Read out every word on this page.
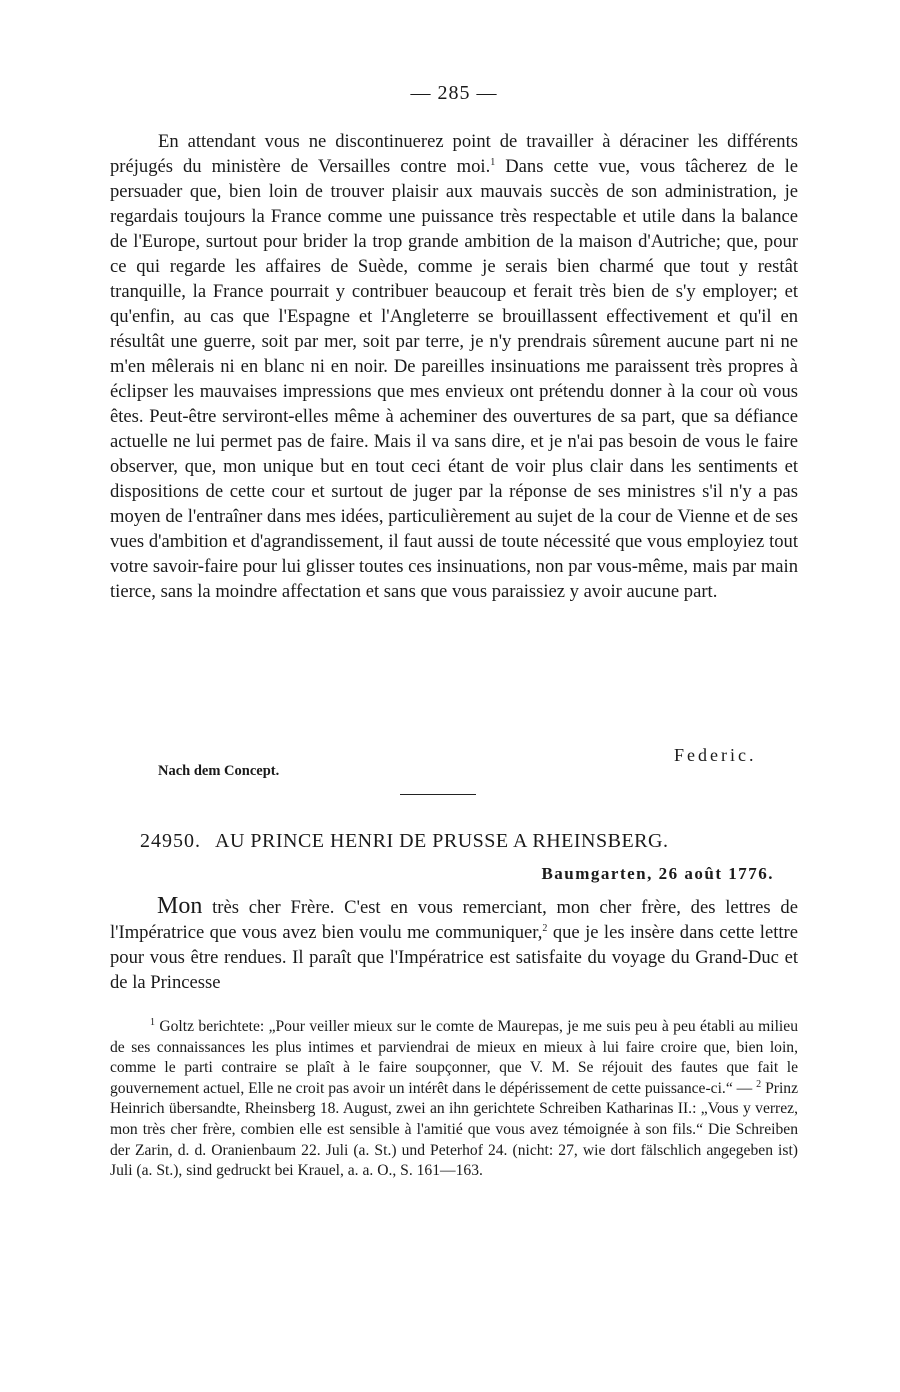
— 285 —

En attendant vous ne discontinuerez point de travailler à déraciner les différents préjugés du ministère de Versailles contre moi.$^1$ Dans cette vue, vous tâcherez de le persuader que, bien loin de trouver plaisir aux mauvais succès de son administration, je regardais toujours la France comme une puissance très respectable et utile dans la balance de l'Europe, surtout pour brider la trop grande ambition de la maison d'Autriche; que, pour ce qui regarde les affaires de Suède, comme je serais bien charmé que tout y restât tranquille, la France pourrait y contribuer beaucoup et ferait très bien de s'y employer; et qu'enfin, au cas que l'Espagne et l'Angleterre se brouillassent effectivement et qu'il en résultât une guerre, soit par mer, soit par terre, je n'y prendrais sûrement aucune part ni ne m'en mêlerais ni en blanc ni en noir. De pareilles insinuations me paraissent très propres à éclipser les mauvaises impressions que mes envieux ont prétendu donner à la cour où vous êtes. Peut-être serviront-elles même à acheminer des ouvertures de sa part, que sa défiance actuelle ne lui permet pas de faire. Mais il va sans dire, et je n'ai pas besoin de vous le faire observer, que, mon unique but en tout ceci étant de voir plus clair dans les sentiments et dispositions de cette cour et surtout de juger par la réponse de ses ministres s'il n'y a pas moyen de l'entraîner dans mes idées, particulièrement au sujet de la cour de Vienne et de ses vues d'ambition et d'agrandissement, il faut aussi de toute nécessité que vous employiez tout votre savoir-faire pour lui glisser toutes ces insinuations, non par vous-même, mais par main tierce, sans la moindre affectation et sans que vous paraissiez y avoir aucune part.

Federic.
Nach dem Concept.
24950. AU PRINCE HENRI DE PRUSSE A RHEINSBERG.
Baumgarten, 26 août 1776.

Mon très cher Frère. C'est en vous remerciant, mon cher frère, des lettres de l'Impératrice que vous avez bien voulu me communiquer,$^2$ que je les insère dans cette lettre pour vous être rendues. Il paraît que l'Impératrice est satisfaite du voyage du Grand-Duc et de la Princesse

$^1$ Goltz berichtete: „Pour veiller mieux sur le comte de Maurepas, je me suis peu à peu établi au milieu de ses connaissances les plus intimes et parviendrai de mieux en mieux à lui faire croire que, bien loin, comme le parti contraire se plaît à le faire soupçonner, que V. M. Se réjouit des fautes que fait le gouvernement actuel, Elle ne croit pas avoir un intérêt dans le dépérissement de cette puissance-ci.“ — $^2$ Prinz Heinrich übersandte, Rheinsberg 18. August, zwei an ihn gerichtete Schreiben Katharinas II.: „Vous y verrez, mon très cher frère, combien elle est sensible à l'amitié que vous avez témoignée à son fils.“ Die Schreiben der Zarin, d. d. Oranienbaum 22. Juli (a. St.) und Peterhof 24. (nicht: 27, wie dort fälschlich angegeben ist) Juli (a. St.), sind gedruckt bei Krauel, a. a. O., S. 161—163.
